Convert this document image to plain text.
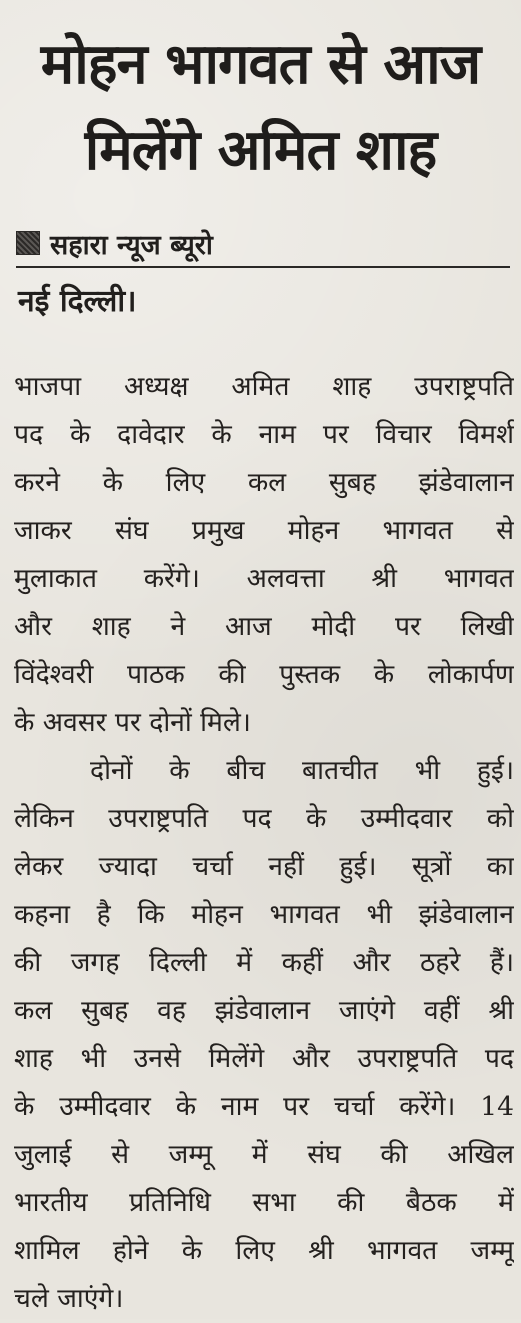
मोहन भागवत से आज
मिलेंगे अमित शाह
सहारा न्यूज ब्यूरो
नई दिल्ली।

भाजपा अध्यक्ष अमित शाह उपराष्ट्रपति
पद के दावेदार के नाम पर विचार विमर्श
करने के लिए कल सुबह झंडेवालान
जाकर संघ प्रमुख मोहन भागवत से
मुलाकात करेंगे। अलवत्ता श्री भागवत
और शाह ने आज मोदी पर लिखी
विंदेश्वरी पाठक की पुस्तक के लोकार्पण
के अवसर पर दोनों मिले।

दोनों के बीच बातचीत भी हुई।
लेकिन उपराष्ट्रपति पद के उम्मीदवार को
लेकर ज्यादा चर्चा नहीं हुई। सूत्रों का
कहना है कि मोहन भागवत भी झंडेवालान
की जगह दिल्ली में कहीं और ठहरे हैं।
कल सुबह वह झंडेवालान जाएंगे वहीं श्री
शाह भी उनसे मिलेंगे और उपराष्ट्रपति पद
के उम्मीदवार के नाम पर चर्चा करेंगे। 14
जुलाई से जम्मू में संघ की अखिल
भारतीय प्रतिनिधि सभा की बैठक में
शामिल होने के लिए श्री भागवत जम्मू
चले जाएंगे।
